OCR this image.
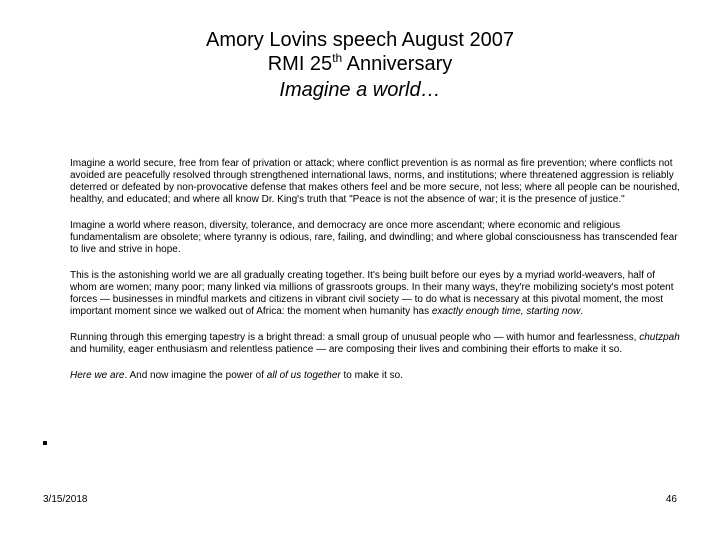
Amory Lovins speech August 2007
RMI 25th Anniversary
Imagine a world…

Imagine a world secure, free from fear of privation or attack; where conflict prevention is as normal as fire prevention; where conflicts not avoided are peacefully resolved through strengthened international laws, norms, and institutions; where threatened aggression is reliably deterred or defeated by non-provocative defense that makes others feel and be more secure, not less; where all people can be nourished, healthy, and educated; and where all know Dr. King's truth that "Peace is not the absence of war; it is the presence of justice."

Imagine a world where reason, diversity, tolerance, and democracy are once more ascendant; where economic and religious fundamentalism are obsolete; where tyranny is odious, rare, failing, and dwindling; and where global consciousness has transcended fear to live and strive in hope.

This is the astonishing world we are all gradually creating together. It's being built before our eyes by a myriad world-weavers, half of whom are women; many poor; many linked via millions of grassroots groups. In their many ways, they're mobilizing society's most potent forces — businesses in mindful markets and citizens in vibrant civil society — to do what is necessary at this pivotal moment, the most important moment since we walked out of Africa: the moment when humanity has exactly enough time, starting now.

Running through this emerging tapestry is a bright thread: a small group of unusual people who — with humor and fearlessness, chutzpah and humility, eager enthusiasm and relentless patience — are composing their lives and combining their efforts to make it so.

Here we are. And now imagine the power of all of us together to make it so.

3/15/2018	46
